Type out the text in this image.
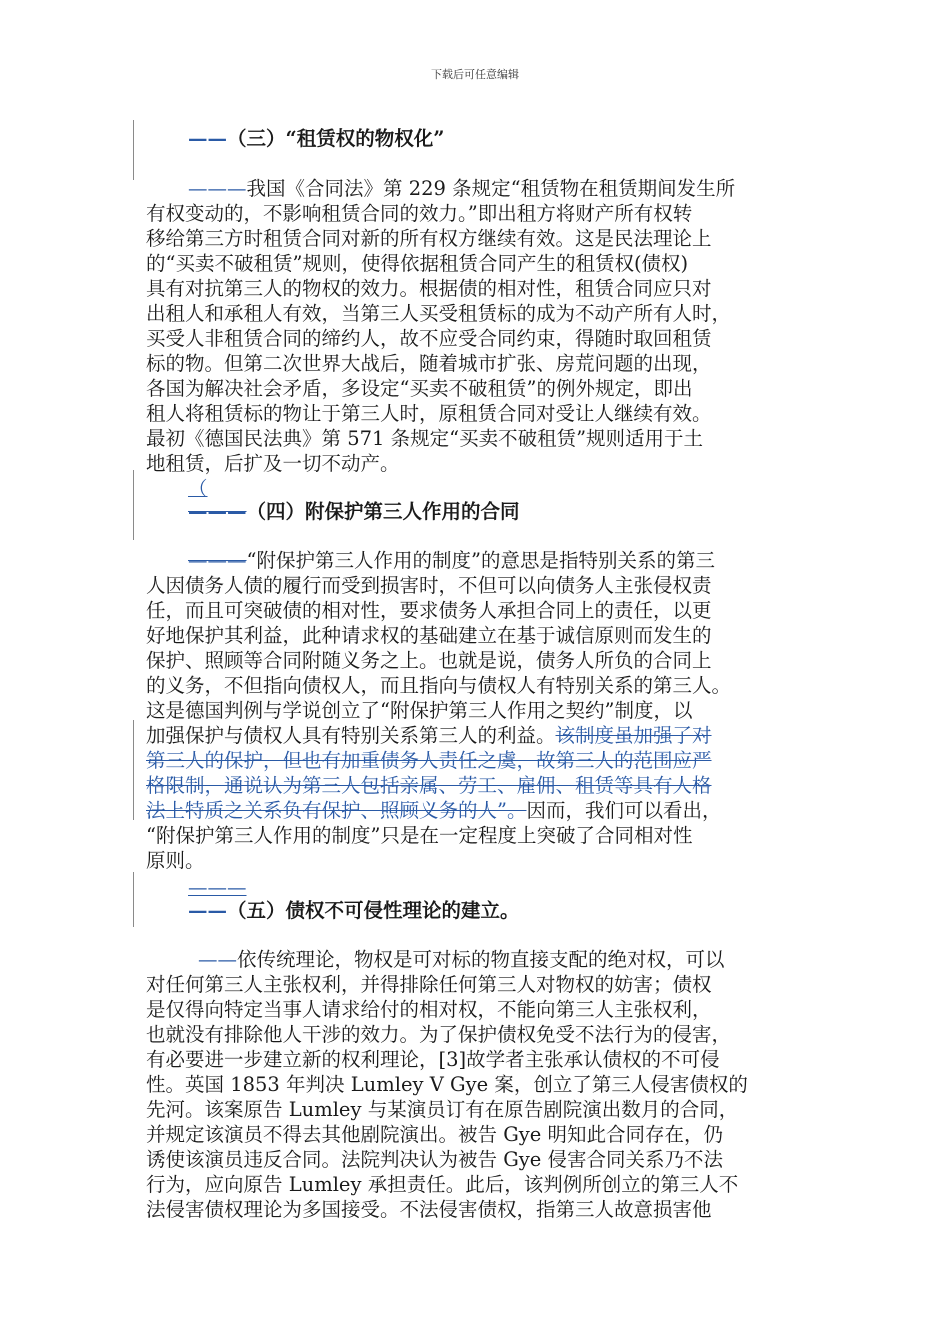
下载后可任意编辑
——（三）“租赁权的物权化”
———我国《合同法》第 229 条规定“租赁物在租赁期间发生所
有权变动的，不影响租赁合同的效力。”即出租方将财产所有权转
移给第三方时租赁合同对新的所有权方继续有效。这是民法理论上
的“买卖不破租赁”规则，使得依据租赁合同产生的租赁权(债权)
具有对抗第三人的物权的效力。根据债的相对性，租赁合同应只对
出租人和承租人有效，当第三人买受租赁标的成为不动产所有人时，
买受人非租赁合同的缔约人，故不应受合同约束，得随时取回租赁
标的物。但第二次世界大战后，随着城市扩张、房荒问题的出现，
各国为解决社会矛盾，多设定“买卖不破租赁”的例外规定，即出
租人将租赁标的物让于第三人时，原租赁合同对受让人继续有效。
最初《德国民法典》第 571 条规定“买卖不破租赁”规则适用于土
地租赁，后扩及一切不动产。
（
———（四）附保护第三人作用的合同
———“附保护第三人作用的制度”的意思是指特别关系的第三
人因债务人债的履行而受到损害时，不但可以向债务人主张侵权责
任，而且可突破债的相对性，要求债务人承担合同上的责任，以更
好地保护其利益，此种请求权的基础建立在基于诚信原则而发生的
保护、照顾等合同附随义务之上。也就是说，债务人所负的合同上
的义务，不但指向债权人，而且指向与债权人有特别关系的第三人。
这是德国判例与学说创立了“附保护第三人作用之契约”制度，以
加强保护与债权人具有特别关系第三人的利益。该制度虽加强了对
第三人的保护，但也有加重债务人责任之虞，故第三人的范围应严
格限制，通说认为第三人包括亲属、劳工、雇佣、租赁等具有人格
法上特质之关系负有保护、照顾义务的人”。因而，我们可以看出，
“附保护第三人作用的制度”只是在一定程度上突破了合同相对性
原则。
———
——（五）债权不可侵性理论的建立。
——依传统理论，物权是可对标的物直接支配的绝对权，可以
对任何第三人主张权利，并得排除任何第三人对物权的妨害；债权
是仅得向特定当事人请求给付的相对权，不能向第三人主张权利，
也就没有排除他人干涉的效力。为了保护债权免受不法行为的侵害，
有必要进一步建立新的权利理论，[3]故学者主张承认债权的不可侵
性。英国 1853 年判决 Lumley V Gye 案，创立了第三人侵害债权的
先河。该案原告 Lumley 与某演员订有在原告剧院演出数月的合同，
并规定该演员不得去其他剧院演出。被告 Gye 明知此合同存在，仍
诱使该演员违反合同。法院判决认为被告 Gye 侵害合同关系乃不法
行为，应向原告 Lumley 承担责任。此后，该判例所创立的第三人不
法侵害债权理论为多国接受。不法侵害债权，指第三人故意损害他
